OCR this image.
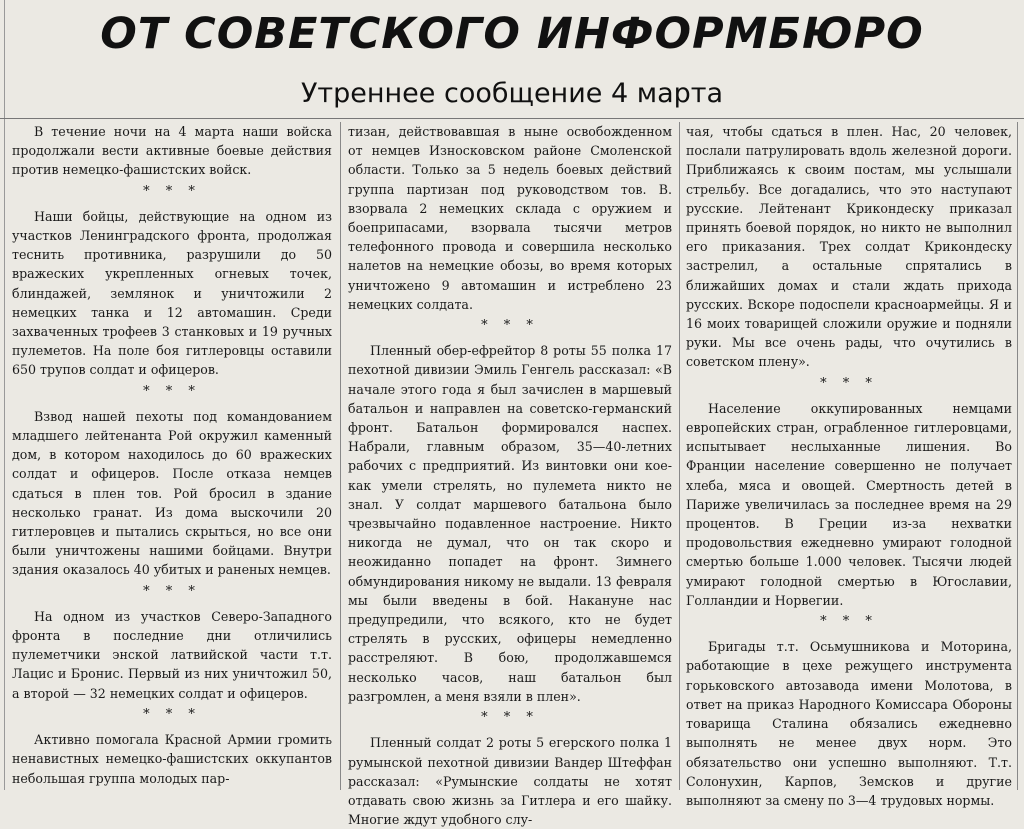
ОТ СОВЕТСКОГО ИНФОРМБЮРО
Утреннее сообщение 4 марта

В течение ночи на 4 марта наши войска продолжали вести активные боевые действия против немецко-фашистских войск.

* * *

Наши бойцы, действующие на одном из участков Ленинградского фронта, продолжая теснить противника, разрушили до 50 вражеских укрепленных огневых точек, блиндажей, землянок и уничтожили 2 немецких танка и 12 автомашин. Среди захваченных трофеев 3 станковых и 19 ручных пулеметов. На поле боя гитлеровцы оставили 650 трупов солдат и офицеров.

* * *

Взвод нашей пехоты под командованием младшего лейтенанта Рой окружил каменный дом, в котором находилось до 60 вражеских солдат и офицеров. После отказа немцев сдаться в плен тов. Рой бросил в здание несколько гранат. Из дома выскочили 20 гитлеровцев и пытались скрыться, но все они были уничтожены нашими бойцами. Внутри здания оказалось 40 убитых и раненых немцев.

* * *

На одном из участков Северо-Западного фронта в последние дни отличились пулеметчики энской латвийской части т.т. Лацис и Бронис. Первый из них уничтожил 50, а второй — 32 немецких солдат и офицеров.

* * *

Активно помогала Красной Армии громить ненавистных немецко-фашистских оккупантов небольшая группа молодых пар-

тизан, действовавшая в ныне освобожденном от немцев Износковском районе Смоленской области. Только за 5 недель боевых действий группа партизан под руководством тов. В. взорвала 2 немецких склада с оружием и боеприпасами, взорвала тысячи метров телефонного провода и совершила несколько налетов на немецкие обозы, во время которых уничтожено 9 автомашин и истреблено 23 немецких солдата.

* * *

Пленный обер-ефрейтор 8 роты 55 полка 17 пехотной дивизии Эмиль Генгель рассказал: «В начале этого года я был зачислен в маршевый батальон и направлен на советско-германский фронт. Батальон формировался наспех. Набрали, главным образом, 35—40-летних рабочих с предприятий. Из винтовки они кое-как умели стрелять, но пулемета никто не знал. У солдат маршевого батальона было чрезвычайно подавленное настроение. Никто никогда не думал, что он так скоро и неожиданно попадет на фронт. Зимнего обмундирования никому не выдали. 13 февраля мы были введены в бой. Накануне нас предупредили, что всякого, кто не будет стрелять в русских, офицеры немедленно расстреляют. В бою, продолжавшемся несколько часов, наш батальон был разгромлен, а меня взяли в плен».

* * *

Пленный солдат 2 роты 5 егерского полка 1 румынской пехотной дивизии Вандер Штеффан рассказал: «Румынские солдаты не хотят отдавать свою жизнь за Гитлера и его шайку. Многие ждут удобного слу-

чая, чтобы сдаться в плен. Нас, 20 человек, послали патрулировать вдоль железной дороги. Приближаясь к своим постам, мы услышали стрельбу. Все догадались, что это наступают русские. Лейтенант Крикондеску приказал принять боевой порядок, но никто не выполнил его приказания. Трех солдат Крикондеску застрелил, а остальные спрятались в ближайших домах и стали ждать прихода русских. Вскоре подоспели красноармейцы. Я и 16 моих товарищей сложили оружие и подняли руки. Мы все очень рады, что очутились в советском плену».

* * *

Население оккупированных немцами европейских стран, ограбленное гитлеровцами, испытывает неслыханные лишения. Во Франции население совершенно не получает хлеба, мяса и овощей. Смертность детей в Париже увеличилась за последнее время на 29 процентов. В Греции из-за нехватки продовольствия ежедневно умирают голодной смертью больше 1.000 человек. Тысячи людей умирают голодной смертью в Югославии, Голландии и Норвегии.

* * *

Бригады т.т. Осьмушникова и Моторина, работающие в цехе режущего инструмента горьковского автозавода имени Молотова, в ответ на приказ Народного Комиссара Обороны товарища Сталина обязались ежедневно выполнять не менее двух норм. Это обязательство они успешно выполняют. Т.т. Солонухин, Карпов, Земсков и другие выполняют за смену по 3—4 трудовых нормы.
